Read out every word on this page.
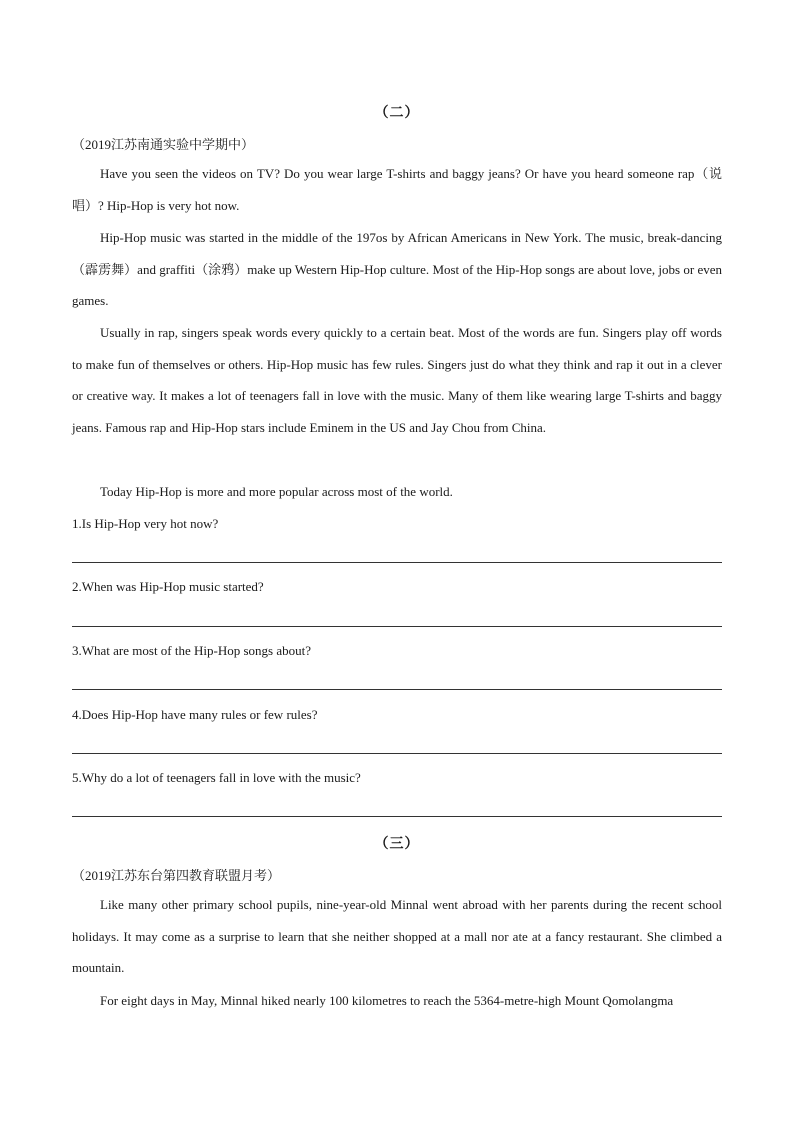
（二）
（2019江苏南通实验中学期中）
Have you seen the videos on TV? Do you wear large T-shirts and baggy jeans? Or have you heard someone rap（说唱）? Hip-Hop is very hot now.
Hip-Hop music was started in the middle of the 197os by African Americans in New York. The music, break-dancing（霹雳舞）and graffiti（涂鸦）make up Western Hip-Hop culture. Most of the Hip-Hop songs are about love, jobs or even games.
Usually in rap, singers speak words every quickly to a certain beat. Most of the words are fun. Singers play off words to make fun of themselves or others. Hip-Hop music has few rules. Singers just do what they think and rap it out in a clever or creative way. It makes a lot of teenagers fall in love with the music. Many of them like wearing large T-shirts and baggy jeans. Famous rap and Hip-Hop stars include Eminem in the US and Jay Chou from China.
Today Hip-Hop is more and more popular across most of the world.
1.Is Hip-Hop very hot now?
2.When was Hip-Hop music started?
3.What are most of the Hip-Hop songs about?
4.Does Hip-Hop have many rules or few rules?
5.Why do a lot of teenagers fall in love with the music?
（三）
（2019江苏东台第四教育联盟月考）
Like many other primary school pupils, nine-year-old Minnal went abroad with her parents during the recent school holidays. It may come as a surprise to learn that she neither shopped at a mall nor ate at a fancy restaurant. She climbed a mountain.
For eight days in May, Minnal hiked nearly 100 kilometres to reach the 5364-metre-high Mount Qomolangma
